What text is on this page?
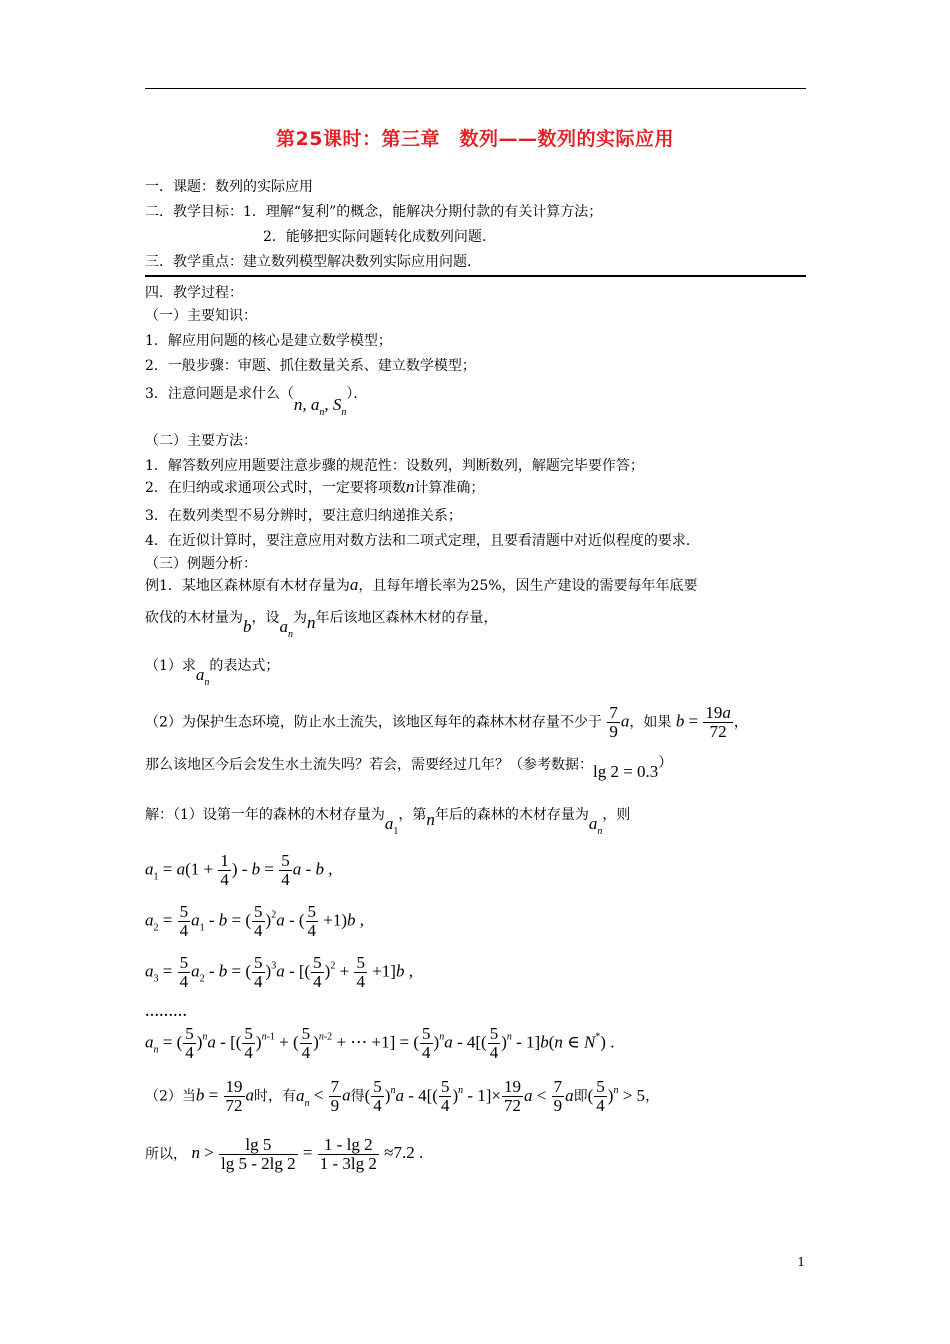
第25课时：第三章　数列——数列的实际应用
一．课题：数列的实际应用
二．教学目标：1．理解“复利”的概念，能解决分期付款的有关计算方法；
2．能够把实际问题转化成数列问题．
三．教学重点：建立数列模型解决数列实际应用问题．
四．教学过程：
（一）主要知识：
1．解应用问题的核心是建立数学模型；
2．一般步骤：审题、抓住数量关系、建立数学模型；
3．注意问题是求什么（n, $a_n$, $S_n$）．
（二）主要方法：
1．解答数列应用题要注意步骤的规范性：设数列，判断数列，解题完毕要作答；
2．在归纳或求通项公式时，一定要将项数n计算准确；
3．在数列类型不易分辨时，要注意归纳递推关系；
4．在近似计算时，要注意应用对数方法和二项式定理，且要看清题中对近似程度的要求．
（三）例题分析：
例1．某地区森林原有木材存量为a，且每年增长率为25%，因生产建设的需要每年年底要
砍伐的木材量为b，设$a_n$为n年后该地区森林木材的存量，
（1）求$a_n$的表达式；
（2）为保护生态环境，防止水土流失，该地区每年的森林木材存量不少于 $\frac{7}{9}$ a，如果 $b = \frac{19a}{72}$ ，
那么该地区今后会发生水土流失吗？若会，需要经过几年？（参考数据：lg 2 = 0.3）
解：（1）设第一年的森林的木材存量为$a_1$，第n年后的森林的木材存量为$a_n$，则
$a_1 = a(1 + \frac{1}{4}$ ) - $b = \frac{5}{4}$ a - b ,
$a_2 = \frac{5}{4} a_1 - b$ = ( $\frac{5}{4} )^2a$ - ( $\frac{5}{4} +1)b$ ,
$a_3 = \frac{5}{4} a_2 - b$ = ( $\frac{5}{4} )^3a$ - [( $\frac{5}{4} )^2 + \frac{5}{4} +1]b$ ,
………
$a_n$ = ( $\frac{5}{4} )^na$ - [( $\frac{5}{4} )^{n-1}$ + ( $\frac{5}{4} )^{n-2}$ + ⋯ +1] = ( $\frac{5}{4} )^na - 4[( \frac{5}{4} )^n - 1]b(n$ ∈ N*) .
（2）当$b = \frac{19}{72}$ a时，有$a_n < \frac{7}{9}$ a得( $\frac{5}{4} )^na - 4[( \frac{5}{4} )^n - 1]\times \frac{19}{72}$ $a < \frac{7}{9}$ a即( $\frac{5}{4} )^n > 5$，
所以， $n > \frac{\lg 5}{\lg 5 - 2\lg 2} = \frac{1 - \lg 2}{1 - 3\lg 2} \approx 7.2$ .
1
